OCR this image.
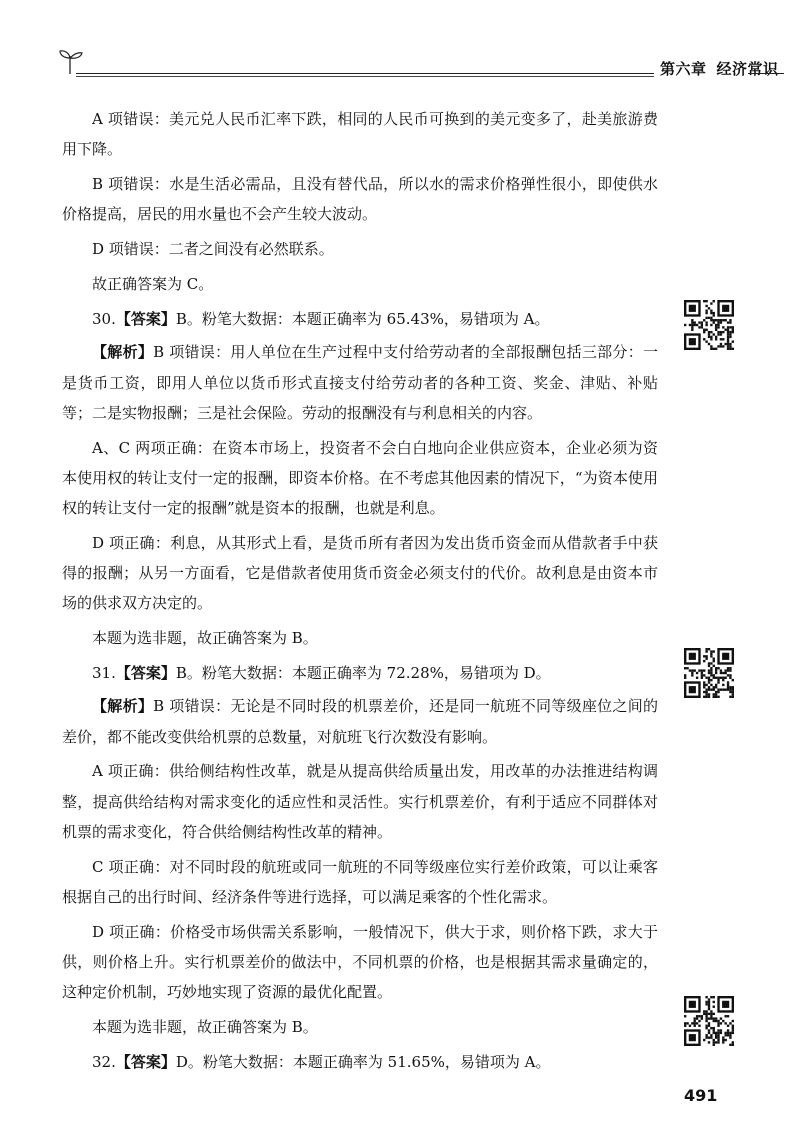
第六章 经济常识

A 项错误：美元兑人民币汇率下跌，相同的人民币可换到的美元变多了，赴美旅游费用下降。

B 项错误：水是生活必需品，且没有替代品，所以水的需求价格弹性很小，即使供水价格提高，居民的用水量也不会产生较大波动。

D 项错误：二者之间没有必然联系。

故正确答案为 C。

30.【答案】B。粉笔大数据：本题正确率为 65.43%，易错项为 A。

【解析】B 项错误：用人单位在生产过程中支付给劳动者的全部报酬包括三部分：一是货币工资，即用人单位以货币形式直接支付给劳动者的各种工资、奖金、津贴、补贴等；二是实物报酬；三是社会保险。劳动的报酬没有与利息相关的内容。

A、C 两项正确：在资本市场上，投资者不会白白地向企业供应资本，企业必须为资本使用权的转让支付一定的报酬，即资本价格。在不考虑其他因素的情况下，“为资本使用权的转让支付一定的报酬”就是资本的报酬，也就是利息。

D 项正确：利息，从其形式上看，是货币所有者因为发出货币资金而从借款者手中获得的报酬；从另一方面看，它是借款者使用货币资金必须支付的代价。故利息是由资本市场的供求双方决定的。

本题为选非题，故正确答案为 B。

31.【答案】B。粉笔大数据：本题正确率为 72.28%，易错项为 D。

【解析】B 项错误：无论是不同时段的机票差价，还是同一航班不同等级座位之间的差价，都不能改变供给机票的总数量，对航班飞行次数没有影响。

A 项正确：供给侧结构性改革，就是从提高供给质量出发，用改革的办法推进结构调整，提高供给结构对需求变化的适应性和灵活性。实行机票差价，有利于适应不同群体对机票的需求变化，符合供给侧结构性改革的精神。

C 项正确：对不同时段的航班或同一航班的不同等级座位实行差价政策，可以让乘客根据自己的出行时间、经济条件等进行选择，可以满足乘客的个性化需求。

D 项正确：价格受市场供需关系影响，一般情况下，供大于求，则价格下跌，求大于供，则价格上升。实行机票差价的做法中，不同机票的价格，也是根据其需求量确定的，这种定价机制，巧妙地实现了资源的最优化配置。

本题为选非题，故正确答案为 B。

32.【答案】D。粉笔大数据：本题正确率为 51.65%，易错项为 A。

491
